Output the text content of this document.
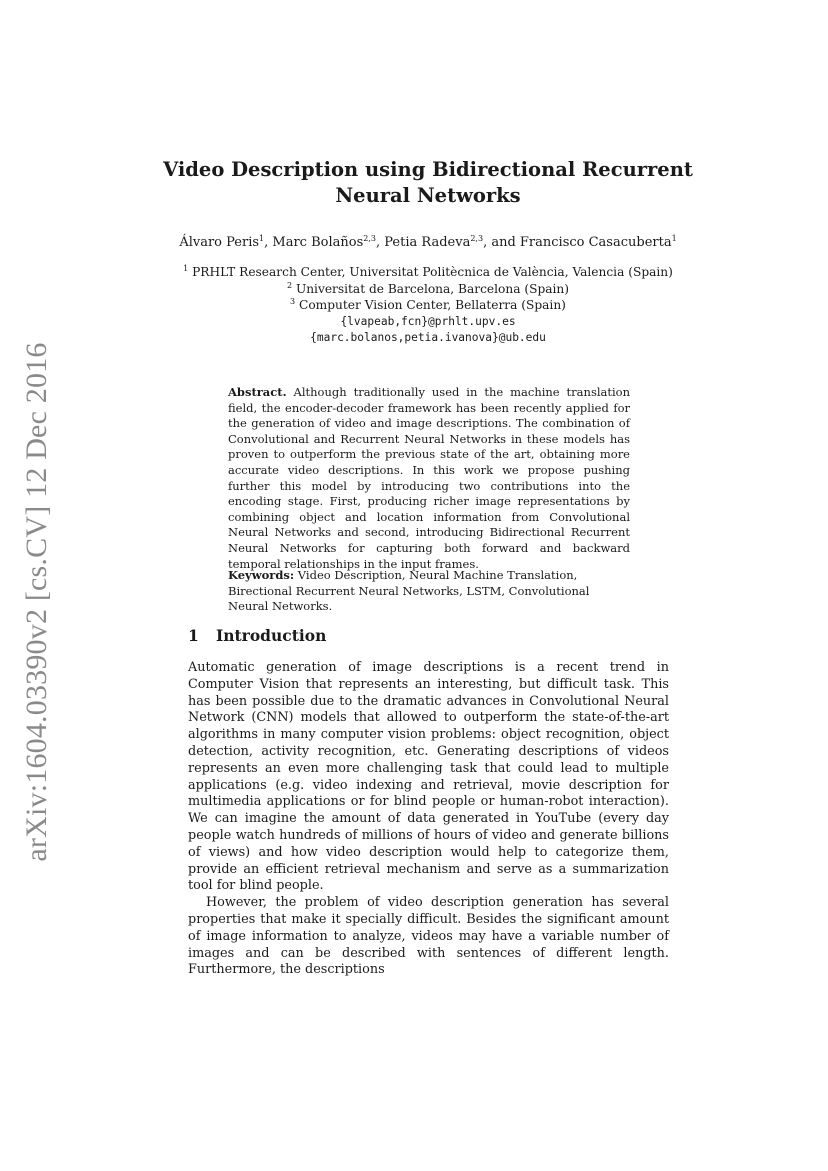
arXiv:1604.03390v2 [cs.CV] 12 Dec 2016
Video Description using Bidirectional Recurrent
Neural Networks
Álvaro Peris$^1$, Marc Bolaños$^{2,3}$, Petia Radeva$^{2,3}$, and Francisco Casacuberta$^1$
$^1$ PRHLT Research Center, Universitat Politècnica de València, Valencia (Spain)
$^2$ Universitat de Barcelona, Barcelona (Spain)
$^3$ Computer Vision Center, Bellaterra (Spain)
{lvapeab,fcn}@prhlt.upv.es
{marc.bolanos,petia.ivanova}@ub.edu
Abstract. Although traditionally used in the machine translation field, the encoder-decoder framework has been recently applied for the generation of video and image descriptions. The combination of Convolutional and Recurrent Neural Networks in these models has proven to outperform the previous state of the art, obtaining more accurate video descriptions. In this work we propose pushing further this model by introducing two contributions into the encoding stage. First, producing richer image representations by combining object and location information from Convolutional Neural Networks and second, introducing Bidirectional Recurrent Neural Networks for capturing both forward and backward temporal relationships in the input frames.
Keywords: Video Description, Neural Machine Translation, Birectional Recurrent Neural Networks, LSTM, Convolutional Neural Networks.
1 Introduction

Automatic generation of image descriptions is a recent trend in Computer Vision that represents an interesting, but difficult task. This has been possible due to the dramatic advances in Convolutional Neural Network (CNN) models that allowed to outperform the state-of-the-art algorithms in many computer vision problems: object recognition, object detection, activity recognition, etc. Generating descriptions of videos represents an even more challenging task that could lead to multiple applications (e.g. video indexing and retrieval, movie description for multimedia applications or for blind people or human-robot interaction). We can imagine the amount of data generated in YouTube (every day people watch hundreds of millions of hours of video and generate billions of views) and how video description would help to categorize them, provide an efficient retrieval mechanism and serve as a summarization tool for blind people.

However, the problem of video description generation has several properties that make it specially difficult. Besides the significant amount of image information to analyze, videos may have a variable number of images and can be described with sentences of different length. Furthermore, the descriptions
